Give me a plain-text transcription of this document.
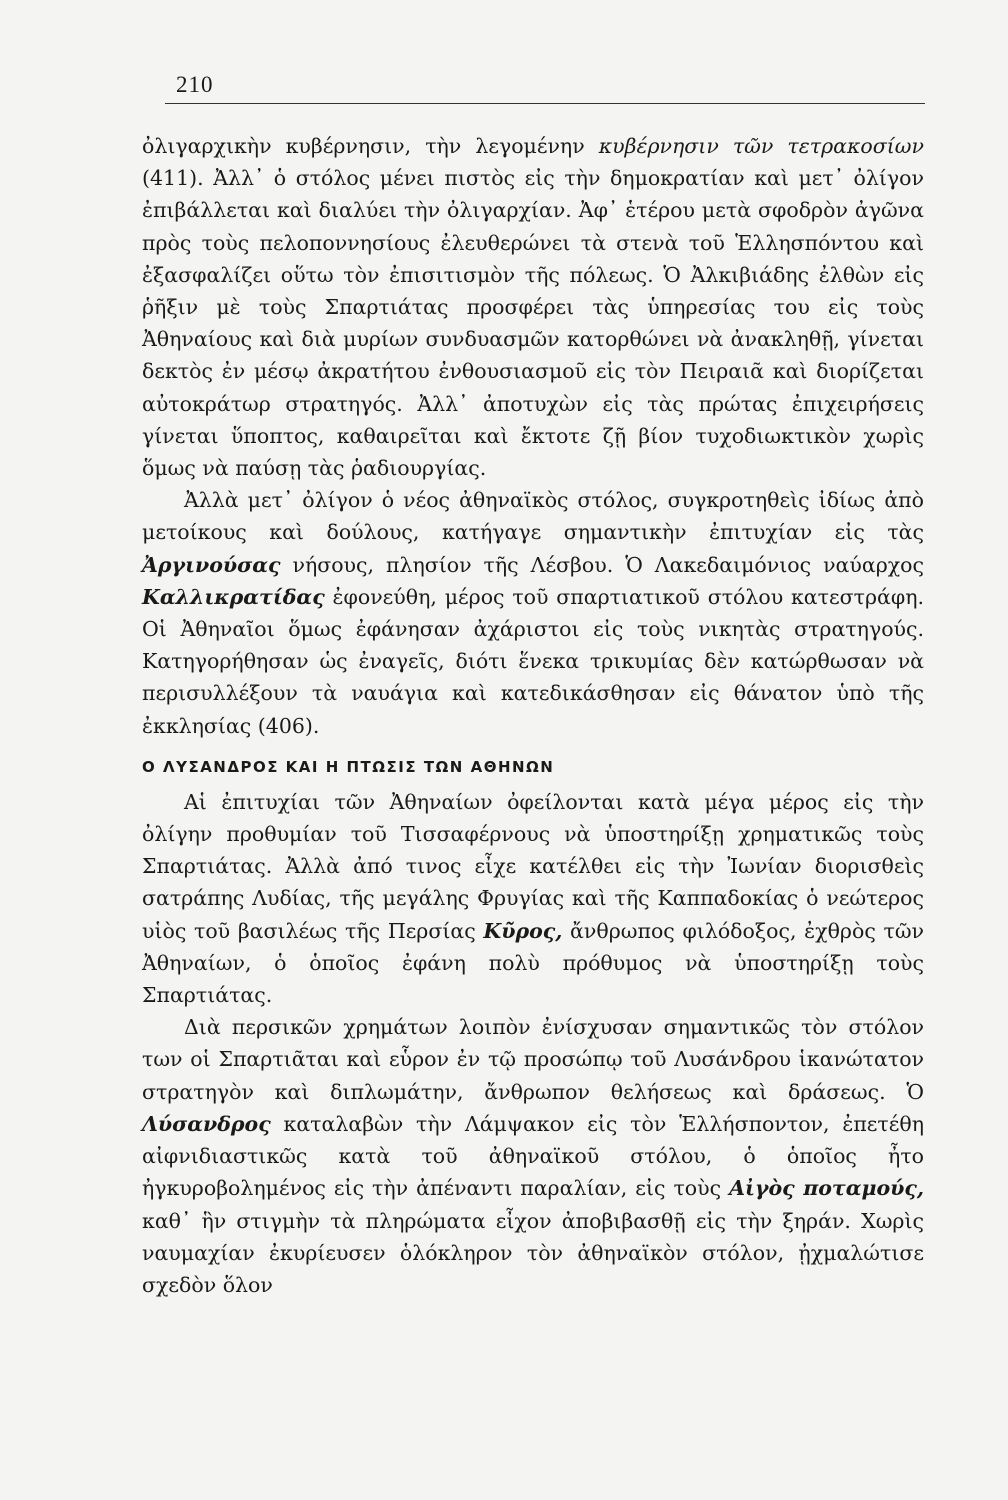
210

ὀλιγαρχικὴν κυβέρνησιν, τὴν λεγομένην κυβέρνησιν τῶν τετρακοσίων (411). Ἀλλ᾽ ὁ στόλος μένει πιστὸς εἰς τὴν δημοκρατίαν καὶ μετ᾽ ὀλίγον ἐπιβάλλεται καὶ διαλύει τὴν ὀλιγαρχίαν. Ἀφ᾽ ἑτέρου μετὰ σφοδρὸν ἀγῶνα πρὸς τοὺς πελοποννησίους ἐλευθερώνει τὰ στενὰ τοῦ Ἑλλησπόντου καὶ ἐξασφαλίζει οὕτω τὸν ἐπισιτισμὸν τῆς πόλεως. Ὁ Ἀλκιβιάδης ἐλθὼν εἰς ῥῆξιν μὲ τοὺς Σπαρτιάτας προσφέρει τὰς ὑπηρεσίας του εἰς τοὺς Ἀθηναίους καὶ διὰ μυρίων συνδυασμῶν κατορθώνει νὰ ἀνακληθῇ, γίνεται δεκτὸς ἐν μέσῳ ἀκρατήτου ἐνθουσιασμοῦ εἰς τὸν Πειραιᾶ καὶ διορίζεται αὐτοκράτωρ στρατηγός. Ἀλλ᾽ ἀποτυχὼν εἰς τὰς πρώτας ἐπιχειρήσεις γίνεται ὕποπτος, καθαιρεῖται καὶ ἔκτοτε ζῇ βίον τυχοδιωκτικὸν χωρὶς ὅμως νὰ παύσῃ τὰς ῥαδιουργίας.

Ἀλλὰ μετ᾽ ὀλίγον ὁ νέος ἀθηναϊκὸς στόλος, συγκροτηθεὶς ἰδίως ἀπὸ μετοίκους καὶ δούλους, κατήγαγε σημαντικὴν ἐπιτυχίαν εἰς τὰς Ἀργινούσας νήσους, πλησίον τῆς Λέσβου. Ὁ Λακεδαιμόνιος ναύαρχος Καλλικρατίδας ἐφονεύθη, μέρος τοῦ σπαρτιατικοῦ στόλου κατεστράφη. Οἱ Ἀθηναῖοι ὅμως ἐφάνησαν ἀχάριστοι εἰς τοὺς νικητὰς στρατηγούς. Κατηγορήθησαν ὡς ἐναγεῖς, διότι ἕνεκα τρικυμίας δὲν κατώρθωσαν νὰ περισυλλέξουν τὰ ναυάγια καὶ κατεδικάσθησαν εἰς θάνατον ὑπὸ τῆς ἐκκλησίας (406).

Ο ΛΥΣΑΝΔΡΟΣ ΚΑΙ Η ΠΤΩΣΙΣ ΤΩΝ ΑΘΗΝΩΝ

Αἱ ἐπιτυχίαι τῶν Ἀθηναίων ὀφείλονται κατὰ μέγα μέρος εἰς τὴν ὀλίγην προθυμίαν τοῦ Τισσαφέρνους νὰ ὑποστηρίξῃ χρηματικῶς τοὺς Σπαρτιάτας. Ἀλλὰ ἀπό τινος εἶχε κατέλθει εἰς τὴν Ἰωνίαν διορισθεὶς σατράπης Λυδίας, τῆς μεγάλης Φρυγίας καὶ τῆς Καππαδοκίας ὁ νεώτερος υἱὸς τοῦ βασιλέως τῆς Περσίας Κῦρος, ἄνθρωπος φιλόδοξος, ἐχθρὸς τῶν Ἀθηναίων, ὁ ὁποῖος ἐφάνη πολὺ πρόθυμος νὰ ὑποστηρίξῃ τοὺς Σπαρτιάτας.

Διὰ περσικῶν χρημάτων λοιπὸν ἐνίσχυσαν σημαντικῶς τὸν στόλον των οἱ Σπαρτιᾶται καὶ εὗρον ἐν τῷ προσώπῳ τοῦ Λυσάνδρου ἱκανώτατον στρατηγὸν καὶ διπλωμάτην, ἄνθρωπον θελήσεως καὶ δράσεως. Ὁ Λύσανδρος καταλαβὼν τὴν Λάμψακον εἰς τὸν Ἑλλήσποντον, ἐπετέθη αἰφνιδιαστικῶς κατὰ τοῦ ἀθηναϊκοῦ στόλου, ὁ ὁποῖος ἦτο ἠγκυροβολημένος εἰς τὴν ἀπέναντι παραλίαν, εἰς τοὺς Αἰγὸς ποταμούς, καθ᾽ ἣν στιγμὴν τὰ πληρώματα εἶχον ἀποβιβασθῇ εἰς τὴν ξηράν. Χωρὶς ναυμαχίαν ἐκυρίευσεν ὁλόκληρον τὸν ἀθηναϊκὸν στόλον, ᾐχμαλώτισε σχεδὸν ὅλον
